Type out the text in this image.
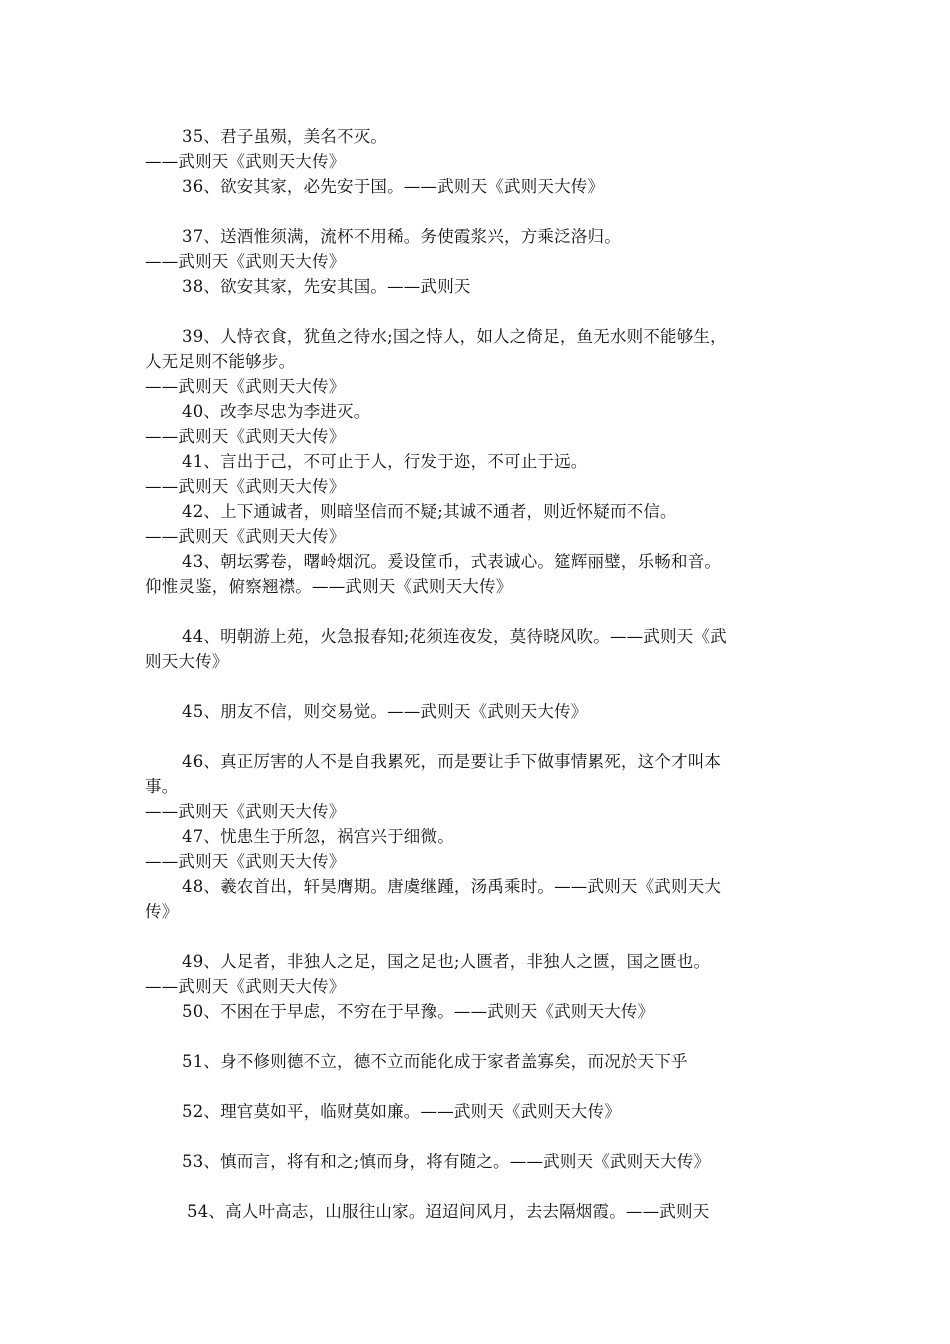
35、君子虽殒，美名不灭。
——武则天《武则天大传》
36、欲安其家，必先安于国。——武则天《武则天大传》
37、送酒惟须满，流杯不用稀。务使霞浆兴，方乘泛洛归。
——武则天《武则天大传》
38、欲安其家，先安其国。——武则天
39、人恃衣食，犹鱼之待水;国之恃人，如人之倚足，鱼无水则不能够生，
人无足则不能够步。
——武则天《武则天大传》
40、改李尽忠为李进灭。
——武则天《武则天大传》
41、言出于己，不可止于人，行发于迩，不可止于远。
——武则天《武则天大传》
42、上下通诚者，则暗坚信而不疑;其诚不通者，则近怀疑而不信。
——武则天《武则天大传》
43、朝坛雾卷，曙岭烟沉。爰设筐币，式表诚心。筵辉丽璧，乐畅和音。
仰惟灵鉴，俯察翘襟。——武则天《武则天大传》
44、明朝游上苑，火急报春知;花须连夜发，莫待晓风吹。——武则天《武
则天大传》
45、朋友不信，则交易觉。——武则天《武则天大传》
46、真正厉害的人不是自我累死，而是要让手下做事情累死，这个才叫本
事。
——武则天《武则天大传》
47、忧患生于所忽，祸宫兴于细微。
——武则天《武则天大传》
48、羲农首出，轩昊膺期。唐虞继踵，汤禹乘时。——武则天《武则天大
传》
49、人足者，非独人之足，国之足也;人匮者，非独人之匮，国之匮也。
——武则天《武则天大传》
50、不困在于早虑，不穷在于早豫。——武则天《武则天大传》
51、身不修则德不立，德不立而能化成于家者盖寡矣，而况於天下乎
52、理官莫如平，临财莫如廉。——武则天《武则天大传》
53、慎而言，将有和之;慎而身，将有随之。——武则天《武则天大传》
54、高人叶高志，山服往山家。迢迢间风月，去去隔烟霞。——武则天
